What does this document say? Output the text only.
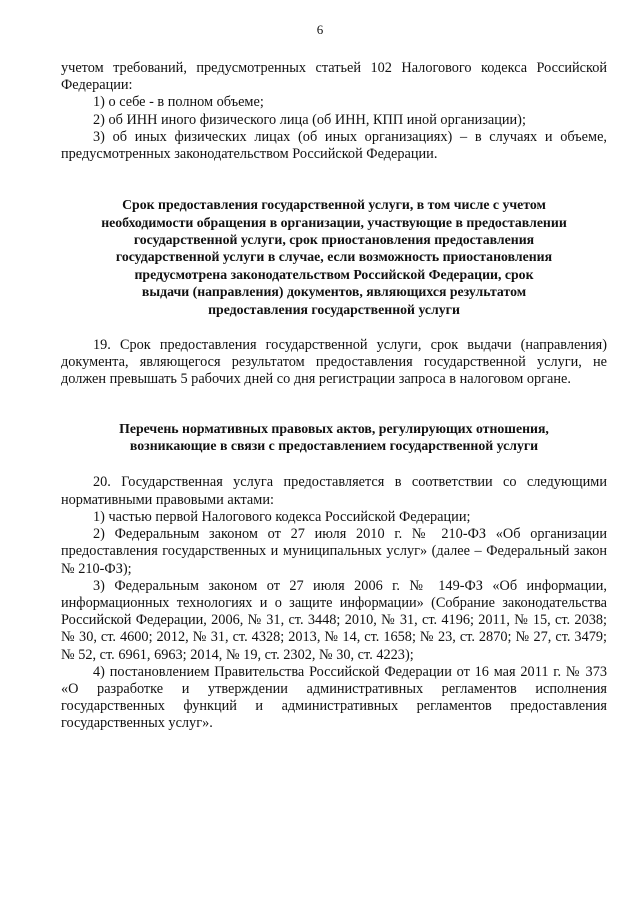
6

учетом требований, предусмотренных статьей 102 Налогового кодекса Российской Федерации:

1) о себе - в полном объеме;

2) об ИНН иного физического лица (об ИНН, КПП иной организации);

3) об иных физических лицах (об иных организациях) – в случаях и объеме, предусмотренных законодательством Российской Федерации.

Срок предоставления государственной услуги, в том числе с учетом
необходимости обращения в организации, участвующие в предоставлении
государственной услуги, срок приостановления предоставления
государственной услуги в случае, если возможность приостановления
предусмотрена законодательством Российской Федерации, срок
выдачи (направления) документов, являющихся результатом
предоставления государственной услуги

19. Срок предоставления государственной услуги, срок выдачи (направления) документа, являющегося результатом предоставления государственной услуги, не должен превышать 5 рабочих дней со дня регистрации запроса в налоговом органе.

Перечень нормативных правовых актов, регулирующих отношения,
возникающие в связи с предоставлением государственной услуги

20. Государственная услуга предоставляется в соответствии со следующими нормативными правовыми актами:

1) частью первой Налогового кодекса Российской Федерации;

2) Федеральным законом от 27 июля 2010 г. № 210-ФЗ «Об организации предоставления государственных и муниципальных услуг» (далее – Федеральный закон № 210-ФЗ);

3) Федеральным законом от 27 июля 2006 г. № 149-ФЗ «Об информации, информационных технологиях и о защите информации» (Собрание законодательства Российской Федерации, 2006, № 31, ст. 3448; 2010, № 31, ст. 4196; 2011, № 15, ст. 2038; № 30, ст. 4600; 2012, № 31, ст. 4328; 2013, № 14, ст. 1658; № 23, ст. 2870; № 27, ст. 3479; № 52, ст. 6961, 6963; 2014, № 19, ст. 2302, № 30, ст. 4223);

4) постановлением Правительства Российской Федерации от 16 мая 2011 г. № 373 «О разработке и утверждении административных регламентов исполнения государственных функций и административных регламентов предоставления государственных услуг».
